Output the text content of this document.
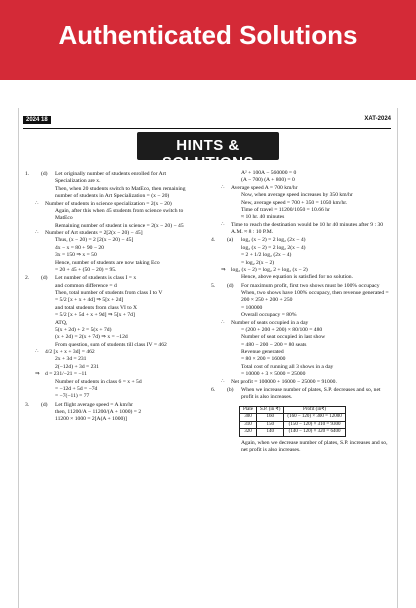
Authenticated Solutions
2024 18	XAT-2024
HINTS & SOLUTIONS
1.	(d)	Let originally number of students enrolled for Art Specialization are x.
Then, when 20 students switch to MatEco, then remaining number of students in Art Specialization = (x − 20)
∴ Number of students in science specialization = 2(x − 20)
Again, after this when 45 students from science switch to MatEco
Remaining number of student in science = 2(x − 20) − 45
∴ Number of Art students = 2[2(x − 20) − 45]
Thus, (x − 20) = 2 [2(x − 20) − 45]
4x − x = 80 + 90 − 20
3x = 150 ⇒ x = 50
Hence, number of students are now taking Eco
= 20 + 45 + (50 − 20) = 95.
2.	(d)	Let number of students is class I = x
and common difference = d
Then, total number of students from class I to V
= 5/2 [x + x + 4d] ⇒ 5[x + 2d]
and total students from class VI to X
= 5/2 [x + 5d + x + 9d] ⇒ 5[x + 7d]
ATQ,
5(x + 2d) + 2 = 5(x + 7d)
(x + 2d) = 2(x + 7d) ⇒ x = −12d
From question, sum of students till class IV = 462
∴ 4/2 [x + x + 3d] = 462
2x + 3d = 231
2(−12d) + 3d = 231
⇒ d = 231/−21 = −11
Number of students in class 6 = x + 5d
= −12d + 5d = −7d
= −7(−11) = 77
3.	(d)	Let flight average speed = A km/hr
then, 11200/A − 11200/(A + 1000) = 2
11200 × 1000 = 2[A(A + 1000)]
A² + 100A − 560000 = 0
(A − 700) (A + 800) = 0
∴ Average speed A = 700 km/hr
Now, when average speed increases by 350 km/hr
New, average speed = 700 + 350 = 1050 km/hr.
Time of travel = 11200/1050 = 10.66 hr
≈ 10 hr. 40 minutes
∴ Time to reach the destination would be 10 hr 40 minutes after 9 : 30 A.M. ≈ 8 : 10 P.M.
4.	(a)	log₂ (x − 2) = 2 log₂ (2x − 4)
log₂ (x − 2) = 2 log₂ 2(x − 4)
= 2 + 1/2 log₂ (2x − 4)
= log₂ 2(x − 2)
⇒ log₂ (x − 2) = log₂ 2 + log₂ (x − 2)
Hence, above equation is satisfied for no solution.
5.	(d)	For maximum profit, first two shows must be 100% occupacy
When, two shows have 100% occupacy, then revenue generated = 200 × 250 + 200 + 250
= 100000
Overall occupacy = 80%
∴ Number of seats occupied in a day
= (200 + 200 + 200) × 80/100 = 480
Number of seat occupied in last show
= 480 − 200 − 200 = 80 seats
Revenue generated
= 80 × 200 = 16000
Total cost of running all 3 shows in a day
= 10000 + 3 × 5000 = 25000
∴ Net profit = 100000 + 16000 − 25000 = 91000.
6.	(b)	When we increase number of plates, S.P. decreases and so, net profit is also increases.
Plate	S.P. (in ₹)	Profit (in₹)
300	160	(160 − 120) × 300 = 12000
310	150	(150 − 120) × 310 = 9300
320	140	(140 − 120) × 320 = 6400
Again, when we decrease number of plates, S.P. increases and so, net profit is also increases.
